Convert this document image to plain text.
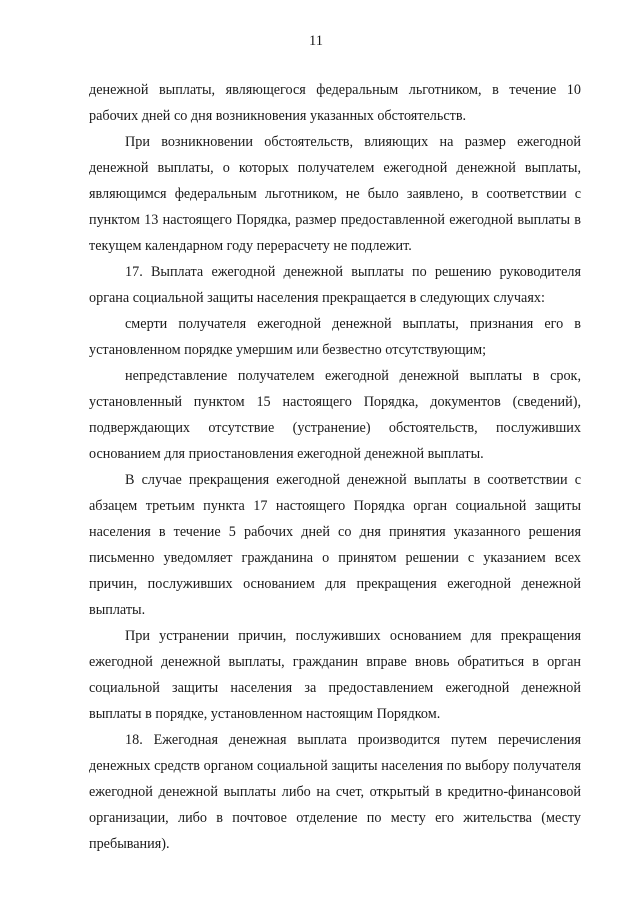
11

денежной выплаты, являющегося федеральным льготником, в течение 10 рабочих дней со дня возникновения указанных обстоятельств.

При возникновении обстоятельств, влияющих на размер ежегодной денежной выплаты, о которых получателем ежегодной денежной выплаты, являющимся федеральным льготником, не было заявлено, в соответствии с пунктом 13 настоящего Порядка, размер предоставленной ежегодной выплаты в текущем календарном году перерасчету не подлежит.

17. Выплата ежегодной денежной выплаты по решению руководителя органа социальной защиты населения прекращается в следующих случаях:

смерти получателя ежегодной денежной выплаты, признания его в установленном порядке умершим или безвестно отсутствующим;

непредставление получателем ежегодной денежной выплаты в срок, установленный пунктом 15 настоящего Порядка, документов (сведений), подверждающих отсутствие (устранение) обстоятельств, послуживших основанием для приостановления ежегодной денежной выплаты.

В случае прекращения ежегодной денежной выплаты в соответствии с абзацем третьим пункта 17 настоящего Порядка орган социальной защиты населения в течение 5 рабочих дней со дня принятия указанного решения письменно уведомляет гражданина о принятом решении с указанием всех причин, послуживших основанием для прекращения ежегодной денежной выплаты.

При устранении причин, послуживших основанием для прекращения ежегодной денежной выплаты, гражданин вправе вновь обратиться в орган социальной защиты населения за предоставлением ежегодной денежной выплаты в порядке, установленном настоящим Порядком.

18. Ежегодная денежная выплата производится путем перечисления денежных средств органом социальной защиты населения по выбору получателя ежегодной денежной выплаты либо на счет, открытый в кредитно-финансовой организации, либо в почтовое отделение по месту его жительства (месту пребывания).
